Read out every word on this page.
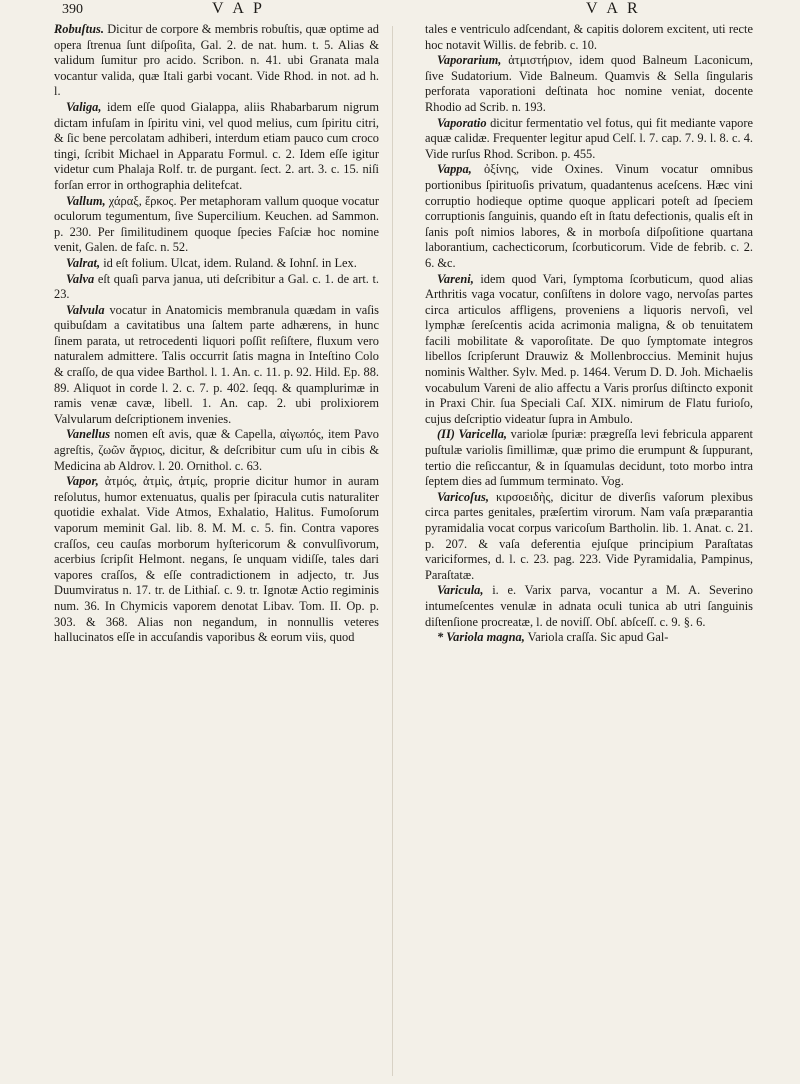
390	V A P	V A R

Robuſtus. Dicitur de corpore & membris robuſtis, quæ optime ad opera ſtrenua ſunt diſpoſita, Gal. 2. de nat. hum. t. 5. Alias & validum ſumitur pro acido. Scribon. n. 41. ubi Granata mala vocantur valida, quæ Itali garbi vocant. Vide Rhod. in not. ad h. l.

Valiga, idem eſſe quod Gialappa, aliis Rhabarbarum nigrum dictam infuſam in ſpiritu vini, vel quod melius, cum ſpiritu citri, & ſic bene percolatam adhiberi, interdum etiam pauco cum croco tingi, ſcribit Michael in Apparatu Formul. c. 2. Idem eſſe igitur videtur cum Phalaja Rolf. tr. de purgant. ſect. 2. art. 3. c. 15. niſi forſan error in orthographia delitefcat.

Vallum, χάραξ, ἕρκος. Per metaphoram vallum quoque vocatur oculorum tegumentum, ſive Supercilium. Keuchen. ad Sammon. p. 230. Per ſimilitudinem quoque ſpecies Faſciæ hoc nomine venit, Galen. de faſc. n. 52.

Valrat, id eſt folium. Ulcat, idem. Ruland. & Iohnſ. in Lex.

Valva eſt quaſi parva janua, uti deſcribitur a Gal. c. 1. de art. t. 23.

Valvula vocatur in Anatomicis membranula quædam in vaſis quibuſdam a cavitatibus una ſaltem parte adhærens, in hunc ſinem parata, ut retrocedenti liquori poſſit reſiſtere, fluxum vero naturalem admittere. Talis occurrit ſatis magna in Inteſtino Colo & craſſo, de qua videe Barthol. l. 1. An. c. 11. p. 92. Hild. Ep. 88. 89. Aliquot in corde l. 2. c. 7. p. 402. ſeqq. & quamplurimæ in ramis venæ cavæ, libell. 1. An. cap. 2. ubi prolixiorem Valvularum deſcriptionem invenies.

Vanellus nomen eſt avis, quæ & Capella, αἰγωπός, item Pavo agreſtis, ζωῶν ἄγριος, dicitur, & deſcribitur cum uſu in cibis & Medicina ab Aldrov. l. 20. Ornithol. c. 63.

Vapor, ἀτμός, ἀτμὶς, ἀτμίς, proprie dicitur humor in auram reſolutus, humor extenuatus, qualis per ſpiracula cutis naturaliter quotidie exhalat. Vide Atmos, Exhalatio, Halitus. Fumoſorum vaporum meminit Gal. lib. 8. M. M. c. 5. fin. Contra vapores craſſos, ceu cauſas morborum hyſtericorum & convulſivorum, acerbius ſcripſit Helmont. negans, ſe unquam vidiſſe, tales dari vapores craſſos, & eſſe contradictionem in adjecto, tr. Jus Duumviratus n. 17. tr. de Lithiaſ. c. 9. tr. Ignotæ Actio regiminis num. 36. In Chymicis vaporem denotat Libav. Tom. II. Op. p. 303. & 368. Alias non negandum, in nonnullis veteres hallucinatos eſſe in accuſandis vaporibus & eorum viis, quod

tales e ventriculo adſcendant, & capitis dolorem excitent, uti recte hoc notavit Willis. de febrib. c. 10.

Vaporarium, ἀτμιστήριον, idem quod Balneum Laconicum, ſive Sudatorium. Vide Balneum. Quamvis & Sella ſingularis perforata vaporationi deſtinata hoc nomine veniat, docente Rhodio ad Scrib. n. 193.

Vaporatio dicitur fermentatio vel fotus, qui fit mediante vapore aquæ calidæ. Frequenter legitur apud Celſ. l. 7. cap. 7. 9. l. 8. c. 4. Vide rurſus Rhod. Scribon. p. 455.

Vappa, ὀξίνης, vide Oxines. Vinum vocatur omnibus portionibus ſpirituoſis privatum, quadantenus aceſcens. Hæc vini corruptio hodieque optime quoque applicari poteſt ad ſpeciem corruptionis ſanguinis, quando eſt in ſtatu defectionis, qualis eſt in ſanis poſt nimios labores, & in morboſa diſpoſitione quartana laborantium, cachecticorum, ſcorbuticorum. Vide de febrib. c. 2. 6. &c.

Vareni, idem quod Vari, ſymptoma ſcorbuticum, quod alias Arthritis vaga vocatur, conſiſtens in dolore vago, nervoſas partes circa articulos affligens, proveniens a liquoris nervoſi, vel lymphæ ſereſcentis acida acrimonia maligna, & ob tenuitatem facili mobilitate & vaporoſitate. De quo ſymptomate integros libellos ſcripſerunt Drauwiz & Mollenbroccius. Meminit hujus nominis Walther. Sylv. Med. p. 1464. Verum D. D. Joh. Michaelis vocabulum Vareni de alio affectu a Varis prorſus diſtincto exponit in Praxi Chir. ſua Speciali Caſ. XIX. nimirum de Flatu furioſo, cujus deſcriptio videatur ſupra in Ambulo.

(II) Varicella, variolæ ſpuriæ: prægreſſa levi febricula apparent puſtulæ variolis ſimillimæ, quæ primo die erumpunt & ſuppurant, tertio die reſiccantur, & in ſquamulas decidunt, toto morbo intra ſeptem dies ad ſummum terminato. Vog.

Varicoſus, κιρσοειδὴς, dicitur de diverſis vaſorum plexibus circa partes genitales, præſertim virorum. Nam vaſa præparantia pyramidalia vocat corpus varicoſum Bartholin. lib. 1. Anat. c. 21. p. 207. & vaſa deferentia ejuſque principium Paraſtatas variciformes, d. l. c. 23. pag. 223. Vide Pyramidalia, Pampinus, Paraſtatæ.

Varicula, i. e. Varix parva, vocantur a M. A. Severino intumeſcentes venulæ in adnata oculi tunica ab utri ſanguinis diſtenſione procreatæ, l. de noviſſ. Obſ. abſceſſ. c. 9. §. 6.

* Variola magna, Variola craſſa. Sic apud Gal-
